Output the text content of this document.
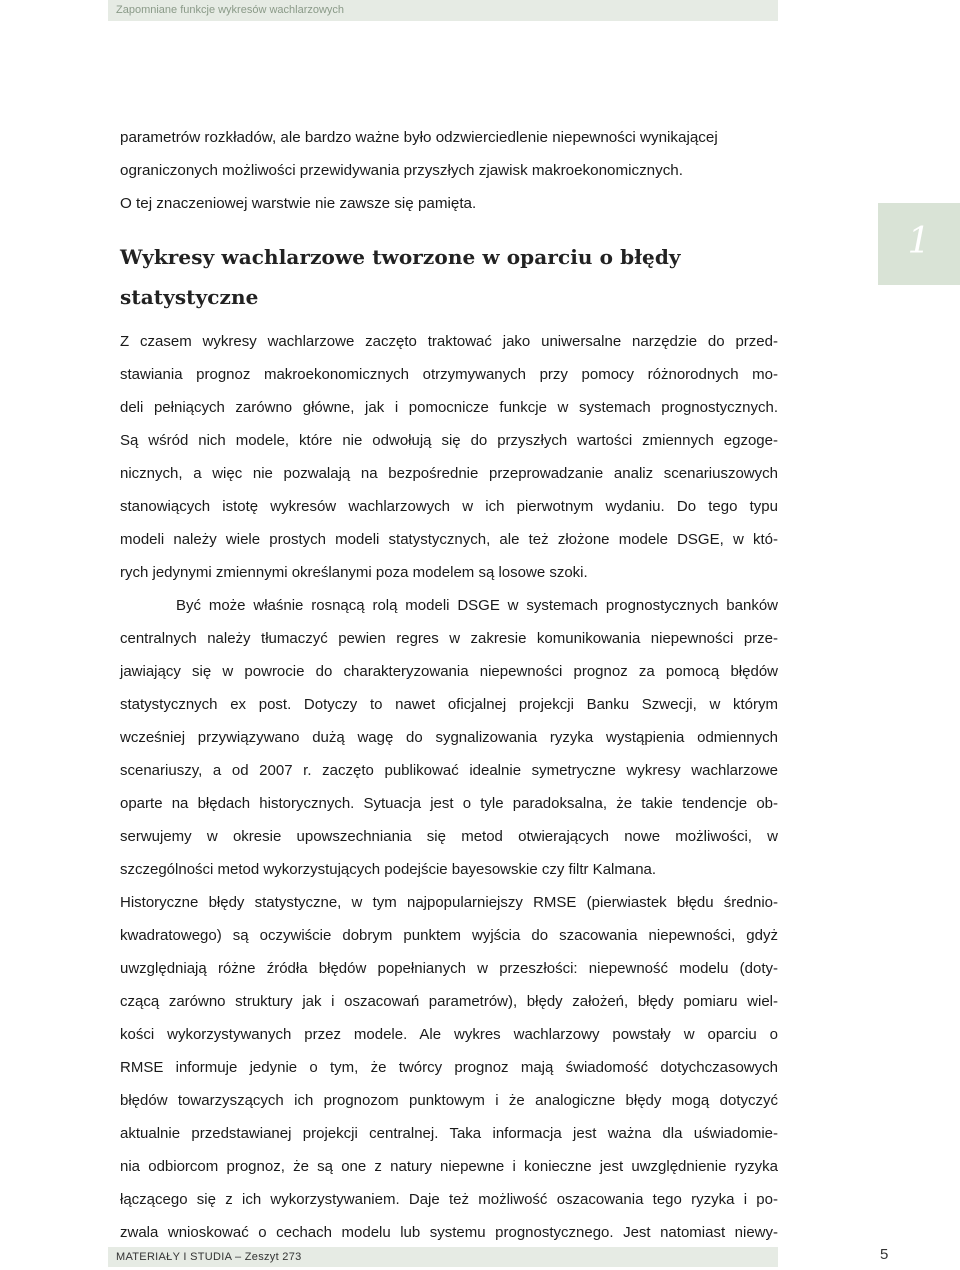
Zapomniane funkcje wykresów wachlarzowych
1

parametrów rozkładów, ale bardzo ważne było odzwierciedlenie niepewności wynikającej

ograniczonych możliwości przewidywania przyszłych zjawisk makroekonomicznych.

O tej znaczeniowej warstwie nie zawsze się pamięta.

Wykresy wachlarzowe tworzone w oparciu o błędy statystyczne

Z czasem wykresy wachlarzowe zaczęto traktować jako uniwersalne narzędzie do przed-

stawiania prognoz makroekonomicznych otrzymywanych przy pomocy różnorodnych mo-

deli pełniących zarówno główne, jak i pomocnicze funkcje w systemach prognostycznych.

Są wśród nich modele, które nie odwołują się do przyszłych wartości zmiennych egzoge-

nicznych, a więc nie pozwalają na bezpośrednie przeprowadzanie analiz scenariuszowych

stanowiących istotę wykresów wachlarzowych w ich pierwotnym wydaniu. Do tego typu

modeli należy wiele prostych modeli statystycznych, ale też złożone modele DSGE, w któ-

rych jedynymi zmiennymi określanymi poza modelem są losowe szoki.

Być może właśnie rosnącą rolą modeli DSGE w systemach prognostycznych banków

centralnych należy tłumaczyć pewien regres w zakresie komunikowania niepewności prze-

jawiający się w powrocie do charakteryzowania niepewności prognoz za pomocą błędów

statystycznych ex post. Dotyczy to nawet oficjalnej projekcji Banku Szwecji, w którym

wcześniej przywiązywano dużą wagę do sygnalizowania ryzyka wystąpienia odmiennych

scenariuszy, a od 2007 r. zaczęto publikować idealnie symetryczne wykresy wachlarzowe

oparte na błędach historycznych. Sytuacja jest o tyle paradoksalna, że takie tendencje ob-

serwujemy w okresie upowszechniania się metod otwierających nowe możliwości, w

szczególności metod wykorzystujących podejście bayesowskie czy filtr Kalmana.

Historyczne błędy statystyczne, w tym najpopularniejszy RMSE (pierwiastek błędu średnio-

kwadratowego) są oczywiście dobrym punktem wyjścia do szacowania niepewności, gdyż

uwzględniają różne źródła błędów popełnianych w przeszłości: niepewność modelu (doty-

czącą zarówno struktury jak i oszacowań parametrów), błędy założeń, błędy pomiaru wiel-

kości wykorzystywanych przez modele. Ale wykres wachlarzowy powstały w oparciu o

RMSE informuje jedynie o tym, że twórcy prognoz mają świadomość dotychczasowych

błędów towarzyszących ich prognozom punktowym i że analogiczne błędy mogą dotyczyć

aktualnie przedstawianej projekcji centralnej. Taka informacja jest ważna dla uświadomie-

nia odbiorcom prognoz, że są one z natury niepewne i konieczne jest uwzględnienie ryzyka

łączącego się z ich wykorzystywaniem. Daje też możliwość oszacowania tego ryzyka i po-

zwala wnioskować o cechach modelu lub systemu prognostycznego. Jest natomiast niewy-

MATERIAŁY I STUDIA – Zeszyt 273	5
